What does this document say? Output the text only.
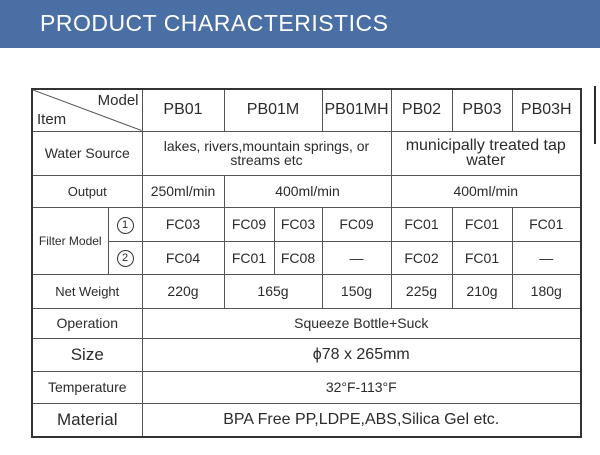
PRODUCT CHARACTERISTICS
Model
Item		PB01	PB01M		PB01MH	PB02	PB03	PB03H
Water Source		lakes, rivers,mountain springs, or streams etc				municipally treated tap water		
Output		250ml/min	400ml/min			400ml/min		
Filter Model	1	FC03	FC09	FC03	FC09	FC01	FC01	FC01
	2	FC04	FC01	FC08	—	FC02	FC01	—
Net Weight		220g	165g		150g	225g	210g	180g
Operation		Squeeze Bottle+Suck						
Size		ϕ78 x 265mm						
Temperature		32°F-113°F						
Material		BPA Free PP,LDPE,ABS,Silica Gel etc.						
